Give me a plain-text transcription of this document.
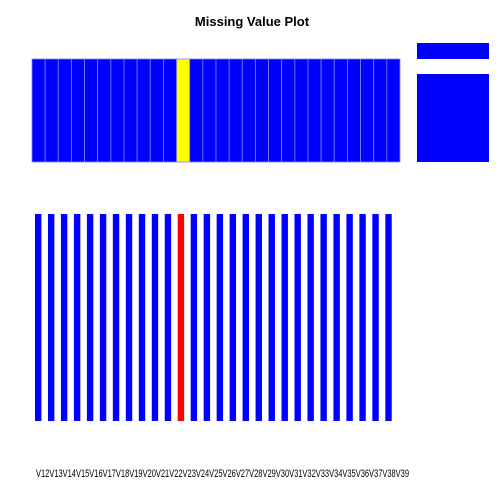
Missing Value Plot
V12V13V14V15V16V17V18V19V20V21V22V23V24V25V26V27V28V29V30V31V32V33V34V35V36V37V38V39
